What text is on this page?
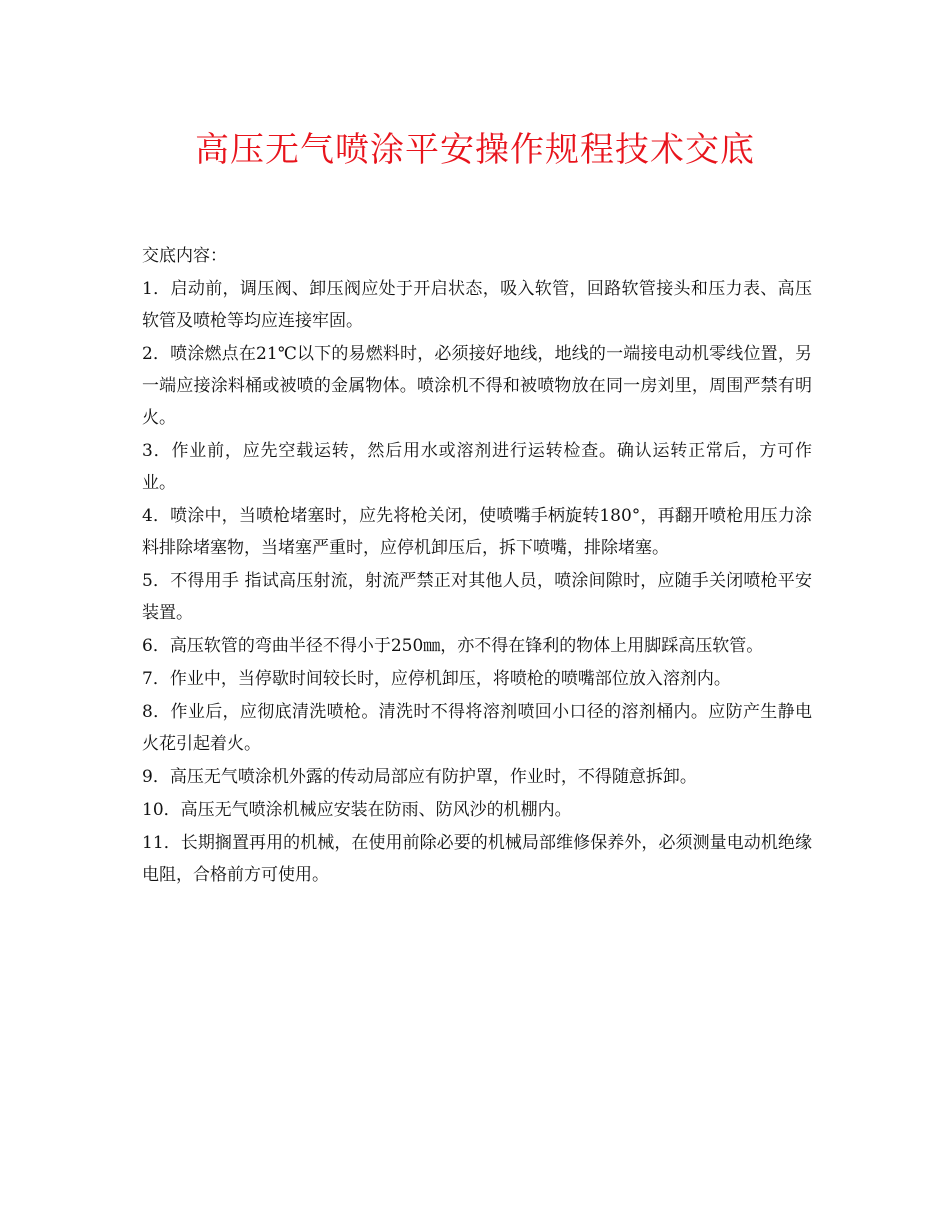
高压无气喷涂平安操作规程技术交底

交底内容：

1．启动前，调压阀、卸压阀应处于开启状态，吸入软管，回路软管接头和压力表、高压软管及喷枪等均应连接牢固。

2．喷涂燃点在21℃以下的易燃料时，必须接好地线，地线的一端接电动机零线位置，另一端应接涂料桶或被喷的金属物体。喷涂机不得和被喷物放在同一房刘里，周围严禁有明火。

3．作业前，应先空载运转，然后用水或溶剂进行运转检查。确认运转正常后，方可作业。

4．喷涂中，当喷枪堵塞时，应先将枪关闭，使喷嘴手柄旋转180°，再翻开喷枪用压力涂料排除堵塞物，当堵塞严重时，应停机卸压后，拆下喷嘴，排除堵塞。

5．不得用手 指试高压射流，射流严禁正对其他人员，喷涂间隙时，应随手关闭喷枪平安装置。

6．高压软管的弯曲半径不得小于250㎜，亦不得在锋利的物体上用脚踩高压软管。

7．作业中，当停歇时间较长时，应停机卸压，将喷枪的喷嘴部位放入溶剂内。

8．作业后，应彻底清洗喷枪。清洗时不得将溶剂喷回小口径的溶剂桶内。应防产生静电火花引起着火。

9．高压无气喷涂机外露的传动局部应有防护罩，作业时，不得随意拆卸。

10．高压无气喷涂机械应安装在防雨、防风沙的机棚内。

11．长期搁置再用的机械，在使用前除必要的机械局部维修保养外，必须测量电动机绝缘电阻，合格前方可使用。
